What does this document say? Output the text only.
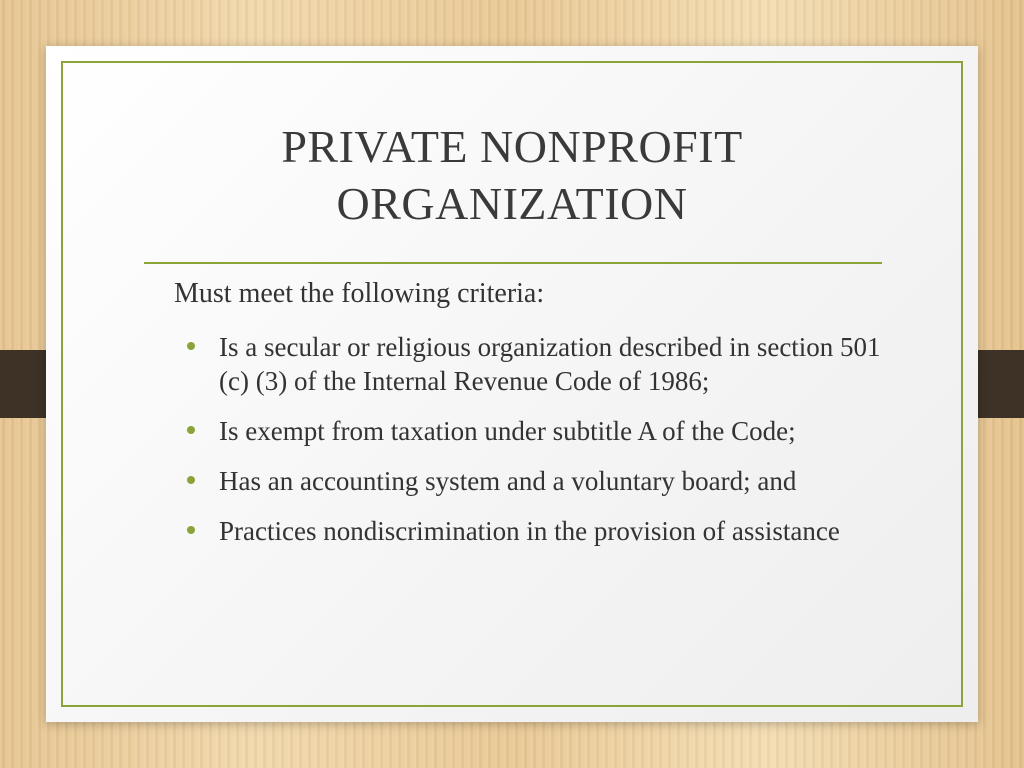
PRIVATE NONPROFIT
ORGANIZATION

Must meet the following criteria:

Is a secular or religious organization described in section 501 (c) (3) of the Internal Revenue Code of 1986;
Is exempt from taxation under subtitle A of the Code;
Has an accounting system and a voluntary board; and
Practices nondiscrimination in the provision of assistance
